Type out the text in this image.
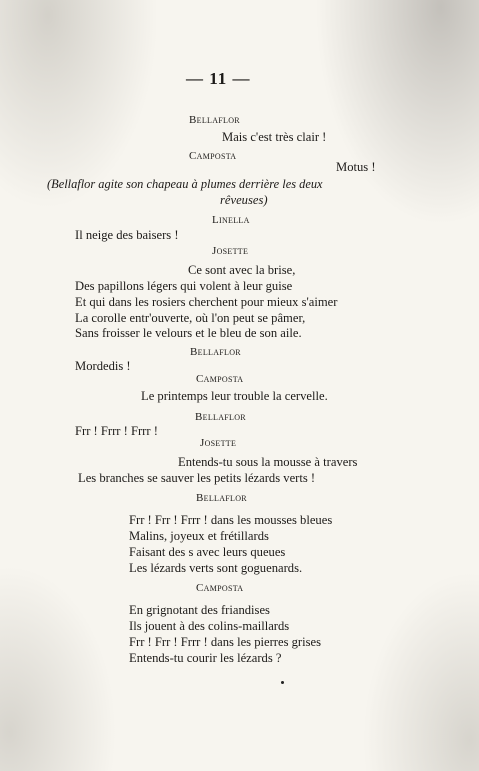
— 11 —
Bellaflor
Mais c'est très clair !
Camposta
Motus !
(Bellaflor agite son chapeau à plumes derrière les deux
rêveuses)
Linella
Il neige des baisers !
Josette
Ce sont avec la brise,
Des papillons légers qui volent à leur guise
Et qui dans les rosiers cherchent pour mieux s'aimer
La corolle entr'ouverte, où l'on peut se pâmer,
Sans froisser le velours et le bleu de son aile.
Bellaflor
Mordedis !
Camposta
Le printemps leur trouble la cervelle.
Bellaflor
Frr ! Frrr ! Frrr !
Josette
Entends-tu sous la mousse à travers
Les branches se sauver les petits lézards verts !
Bellaflor
Frr ! Frr ! Frrr ! dans les mousses bleues
Malins, joyeux et frétillards
Faisant des s avec leurs queues
Les lézards verts sont goguenards.
Camposta
En grignotant des friandises
Ils jouent à des colins-maillards
Frr ! Frr ! Frrr ! dans les pierres grises
Entends-tu courir les lézards ?
